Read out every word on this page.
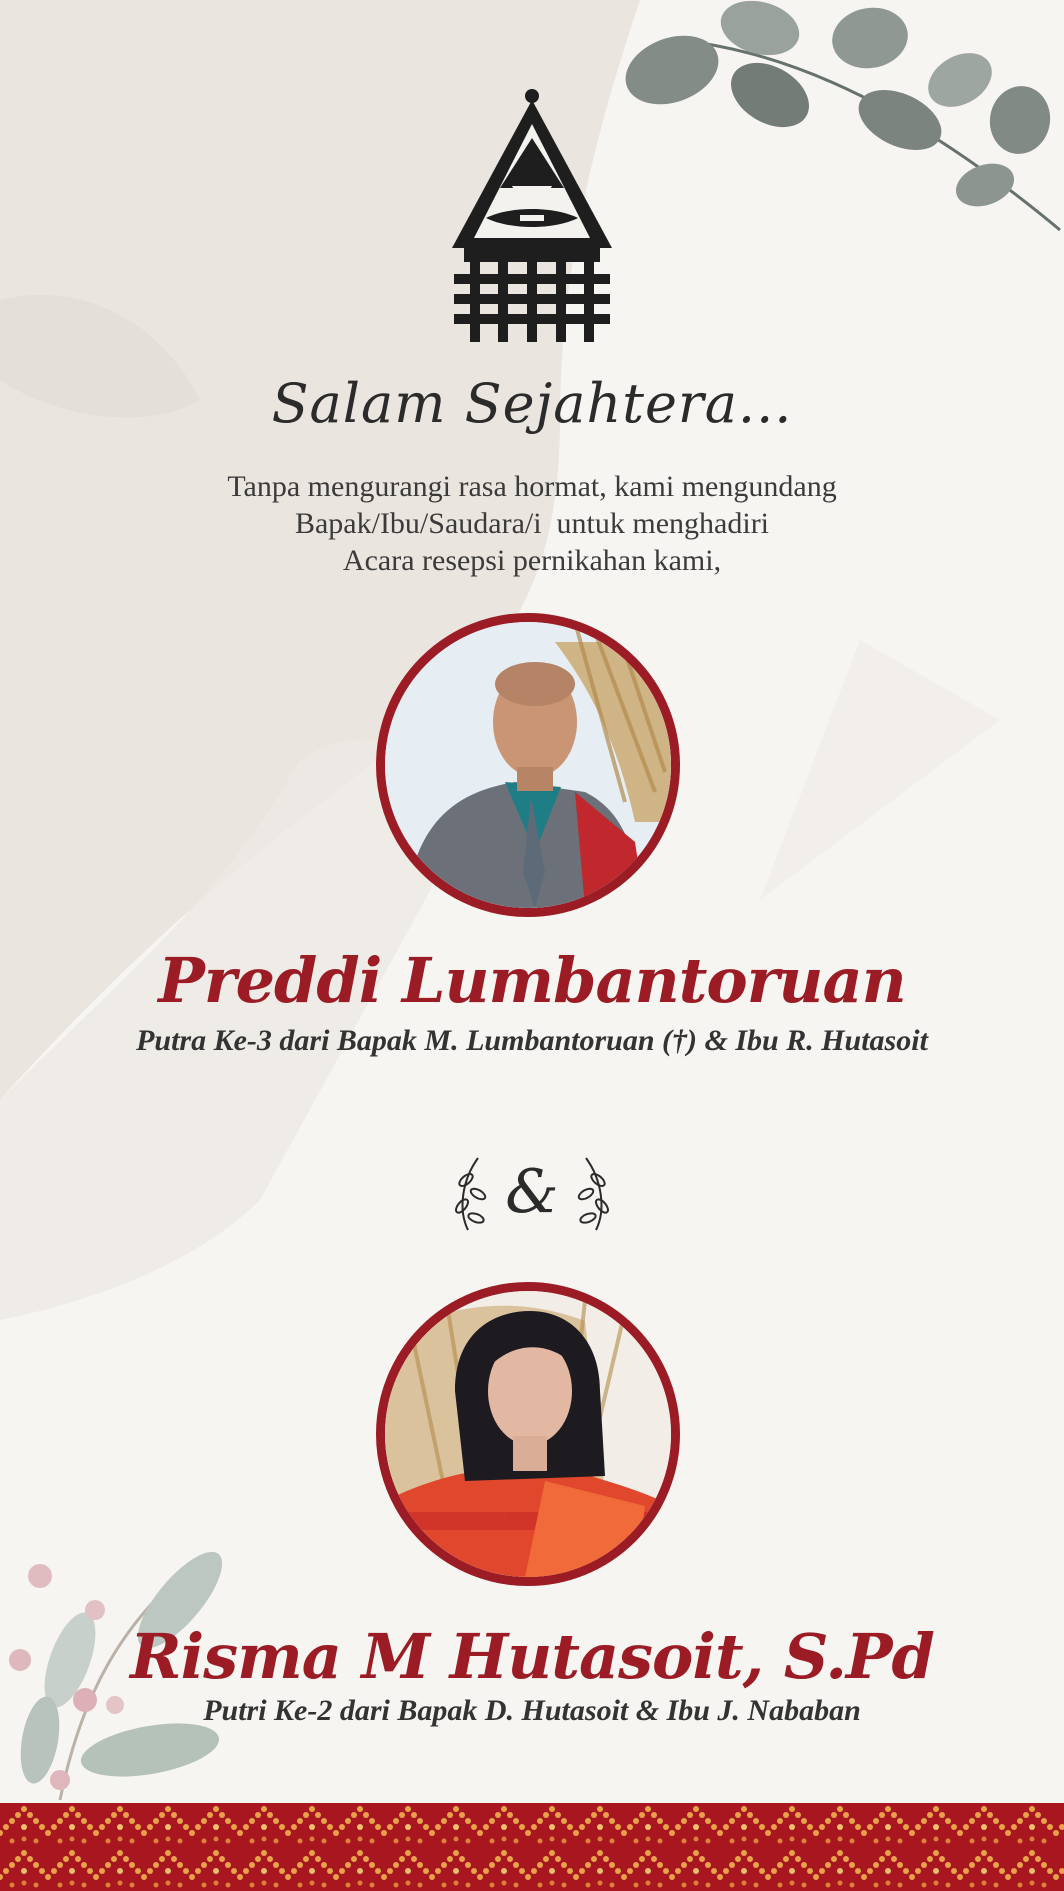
Salam Sejahtera...
Tanpa mengurangi rasa hormat, kami mengundang
Bapak/Ibu/Saudara/i  untuk menghadiri
Acara resepsi pernikahan kami,
Preddi Lumbantoruan
Putra Ke-3 dari Bapak M. Lumbantoruan (†) & Ibu R. Hutasoit
&
Risma M Hutasoit, S.Pd
Putri Ke-2 dari Bapak D. Hutasoit & Ibu J. Nababan
